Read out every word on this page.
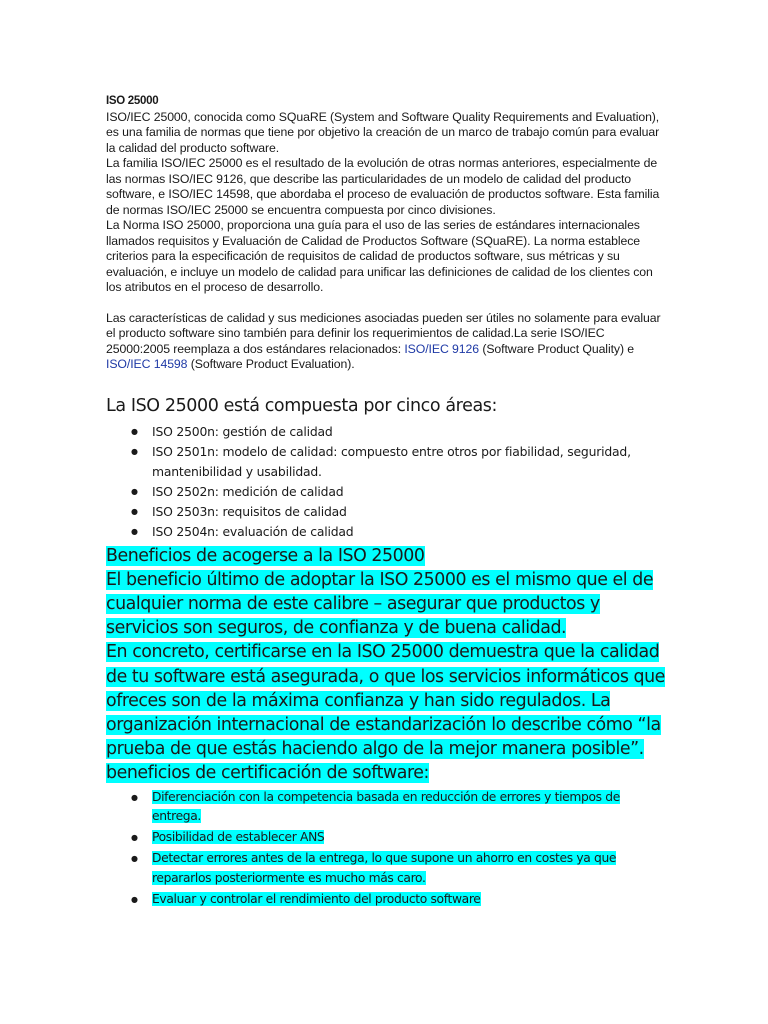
ISO 25000

ISO/IEC 25000, conocida como SQuaRE (System and Software Quality Requirements and Evaluation), es una familia de normas que tiene por objetivo la creación de un marco de trabajo común para evaluar la calidad del producto software.

La familia ISO/IEC 25000 es el resultado de la evolución de otras normas anteriores, especialmente de las normas ISO/IEC 9126, que describe las particularidades de un modelo de calidad del producto software, e ISO/IEC 14598, que abordaba el proceso de evaluación de productos software. Esta familia de normas ISO/IEC 25000 se encuentra compuesta por cinco divisiones.

La Norma ISO 25000, proporciona una guía para el uso de las series de estándares internacionales llamados requisitos y Evaluación de Calidad de Productos Software (SQuaRE). La norma establece criterios para la especificación de requisitos de calidad de productos software, sus métricas y su evaluación, e incluye un modelo de calidad para unificar las definiciones de calidad de los clientes con los atributos en el proceso de desarrollo.

Las características de calidad y sus mediciones asociadas pueden ser útiles no solamente para evaluar el producto software sino también para definir los requerimientos de calidad.La serie ISO/IEC 25000:2005 reemplaza a dos estándares relacionados: ISO/IEC 9126 (Software Product Quality) e ISO/IEC 14598 (Software Product Evaluation).

La ISO 25000 está compuesta por cinco áreas:
● ISO 2500n: gestión de calidad
● ISO 2501n: modelo de calidad: compuesto entre otros por fiabilidad, seguridad, mantenibilidad y usabilidad.
● ISO 2502n: medición de calidad
● ISO 2503n: requisitos de calidad
● ISO 2504n: evaluación de calidad

Beneficios de acogerse a la ISO 25000

El beneficio último de adoptar la ISO 25000 es el mismo que el de cualquier norma de este calibre – asegurar que productos y servicios son seguros, de confianza y de buena calidad.

En concreto, certificarse en la ISO 25000 demuestra que la calidad de tu software está asegurada, o que los servicios informáticos que ofreces son de la máxima confianza y han sido regulados. La organización internacional de estandarización lo describe cómo “la prueba de que estás haciendo algo de la mejor manera posible”.

beneficios de certificación de software:

● Diferenciación con la competencia basada en reducción de errores y tiempos de entrega.
● Posibilidad de establecer ANS
● Detectar errores antes de la entrega, lo que supone un ahorro en costes ya que repararlos posteriormente es mucho más caro.
● Evaluar y controlar el rendimiento del producto software
